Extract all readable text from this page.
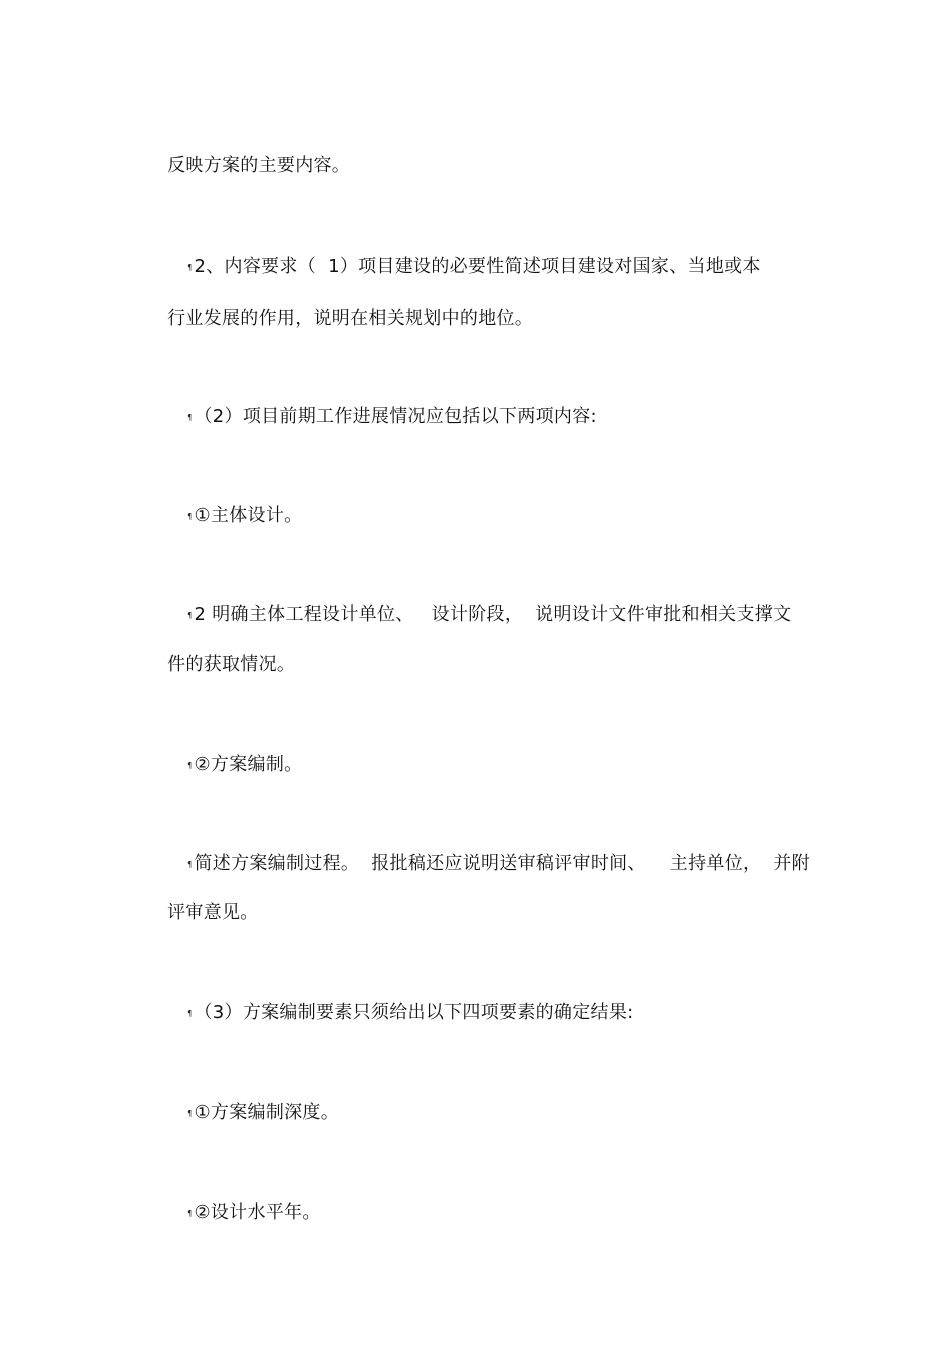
反映方案的主要内容。

¶ 2、内容要求（  1）项目建设的必要性简述项目建设对国家、当地或本

行业发展的作用，说明在相关规划中的地位。

¶ （2）项目前期工作进展情况应包括以下两项内容:

¶ ①主体设计。

¶ 2 明确主体工程设计单位、   设计阶段，  说明设计文件审批和相关支撑文

件的获取情况。

¶ ②方案编制。

¶ 简述方案编制过程。  报批稿还应说明送审稿评审时间、    主持单位，  并附

评审意见。

¶ （3）方案编制要素只须给出以下四项要素的确定结果:

¶ ①方案编制深度。

¶ ②设计水平年。
